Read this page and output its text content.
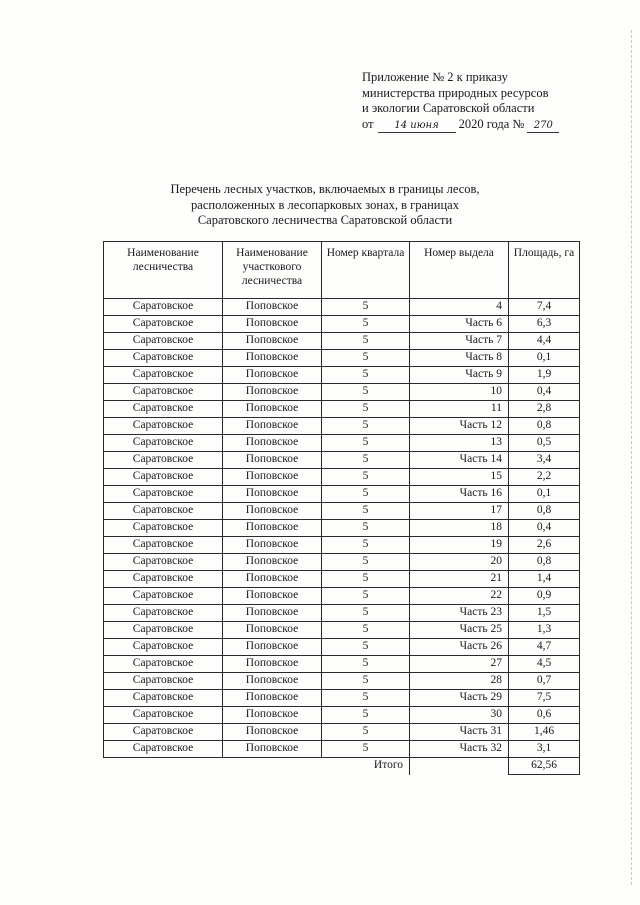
Приложение № 2 к приказу
министерства природных ресурсов
и экологии Саратовской области
от 14 июня 2020 года № 270
Перечень лесных участков, включаемых в границы лесов,
расположенных в лесопарковых зонах, в границах
Саратовского лесничества Саратовской области
Наименование лесничества	Наименование участкового лесничества	Номер квартала	Номер выдела	Площадь, га
Саратовское	Поповское	5	4	7,4
Саратовское	Поповское	5	Часть 6	6,3
Саратовское	Поповское	5	Часть 7	4,4
Саратовское	Поповское	5	Часть 8	0,1
Саратовское	Поповское	5	Часть 9	1,9
Саратовское	Поповское	5	10	0,4
Саратовское	Поповское	5	11	2,8
Саратовское	Поповское	5	Часть 12	0,8
Саратовское	Поповское	5	13	0,5
Саратовское	Поповское	5	Часть 14	3,4
Саратовское	Поповское	5	15	2,2
Саратовское	Поповское	5	Часть 16	0,1
Саратовское	Поповское	5	17	0,8
Саратовское	Поповское	5	18	0,4
Саратовское	Поповское	5	19	2,6
Саратовское	Поповское	5	20	0,8
Саратовское	Поповское	5	21	1,4
Саратовское	Поповское	5	22	0,9
Саратовское	Поповское	5	Часть 23	1,5
Саратовское	Поповское	5	Часть 25	1,3
Саратовское	Поповское	5	Часть 26	4,7
Саратовское	Поповское	5	27	4,5
Саратовское	Поповское	5	28	0,7
Саратовское	Поповское	5	Часть 29	7,5
Саратовское	Поповское	5	30	0,6
Саратовское	Поповское	5	Часть 31	1,46
Саратовское	Поповское	5	Часть 32	3,1
Итого				62,56
